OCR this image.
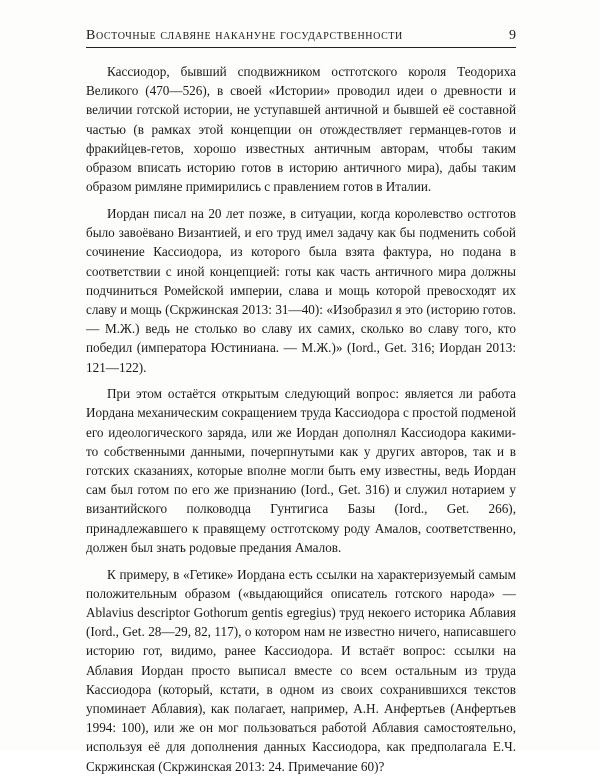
Восточные славяне накануне государственности	9

Кассиодор, бывший сподвижником остготского короля Теодориха Великого (470—526), в своей «Истории» проводил идеи о древности и величии готской истории, не уступавшей античной и бывшей её составной частью (в рамках этой концепции он отождествляет германцев-готов и фракийцев-гетов, хорошо известных античным авторам, чтобы таким образом вписать историю готов в историю античного мира), дабы таким образом римляне примирились с правлением готов в Италии.

Иордан писал на 20 лет позже, в ситуации, когда королевство остготов было завоёвано Византией, и его труд имел задачу как бы подменить собой сочинение Кассиодора, из которого была взята фактура, но подана в соответствии с иной концепцией: готы как часть античного мира должны подчиниться Ромейской империи, слава и мощь которой превосходят их славу и мощь (Скржинская 2013: 31—40): «Изобразил я это (историю готов. — М.Ж.) ведь не столько во славу их самих, сколько во славу того, кто победил (императора Юстиниана. — М.Ж.)» (Iord., Get. 316; Иордан 2013: 121—122).

При этом остаётся открытым следующий вопрос: является ли работа Иордана механическим сокращением труда Кассиодора с простой подменой его идеологического заряда, или же Иордан дополнял Кассиодора какими-то собственными данными, почерпнутыми как у других авторов, так и в готских сказаниях, которые вполне могли быть ему известны, ведь Иордан сам был готом по его же признанию (Iord., Get. 316) и служил нотарием у византийского полководца Гунтигиса Базы (Iord., Get. 266), принадлежавшего к правящему остготскому роду Амалов, соответственно, должен был знать родовые предания Амалов.

К примеру, в «Гетике» Иордана есть ссылки на характеризуемый самым положительным образом («выдающийся описатель готского народа» — Ablavius descriptor Gothorum gentis egregius) труд некоего историка Аблавия (Iord., Get. 28—29, 82, 117), о котором нам не известно ничего, написавшего историю гот, видимо, ранее Кассиодора. И встаёт вопрос: ссылки на Аблавия Иордан просто выписал вместе со всем остальным из труда Кассиодора (который, кстати, в одном из своих сохранившихся текстов упоминает Аблавия), как полагает, например, А.Н. Анфертьев (Анфертьев 1994: 100), или же он мог пользоваться работой Аблавия самостоятельно, используя её для дополнения данных Кассиодора, как предполагала Е.Ч. Скржинская (Скржинская 2013: 24. Примечание 60)?
